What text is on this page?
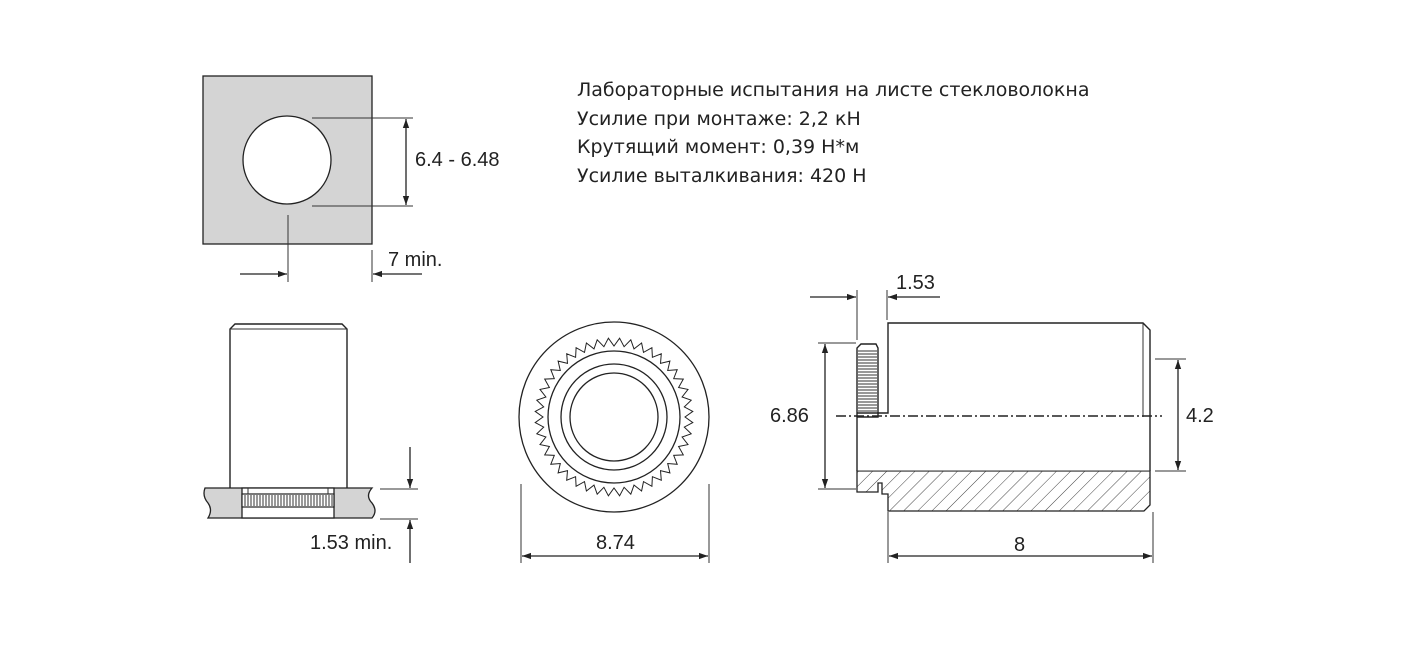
Лабораторные испытания на листе стекловолокна
Усилие при монтаже: 2,2 кН
Крутящий момент: 0,39 Н*м
Усилие выталкивания: 420 Н
6.4 - 6.48
7 min.
1.53 min.	8.74
1.53
6.86	4.2
8
